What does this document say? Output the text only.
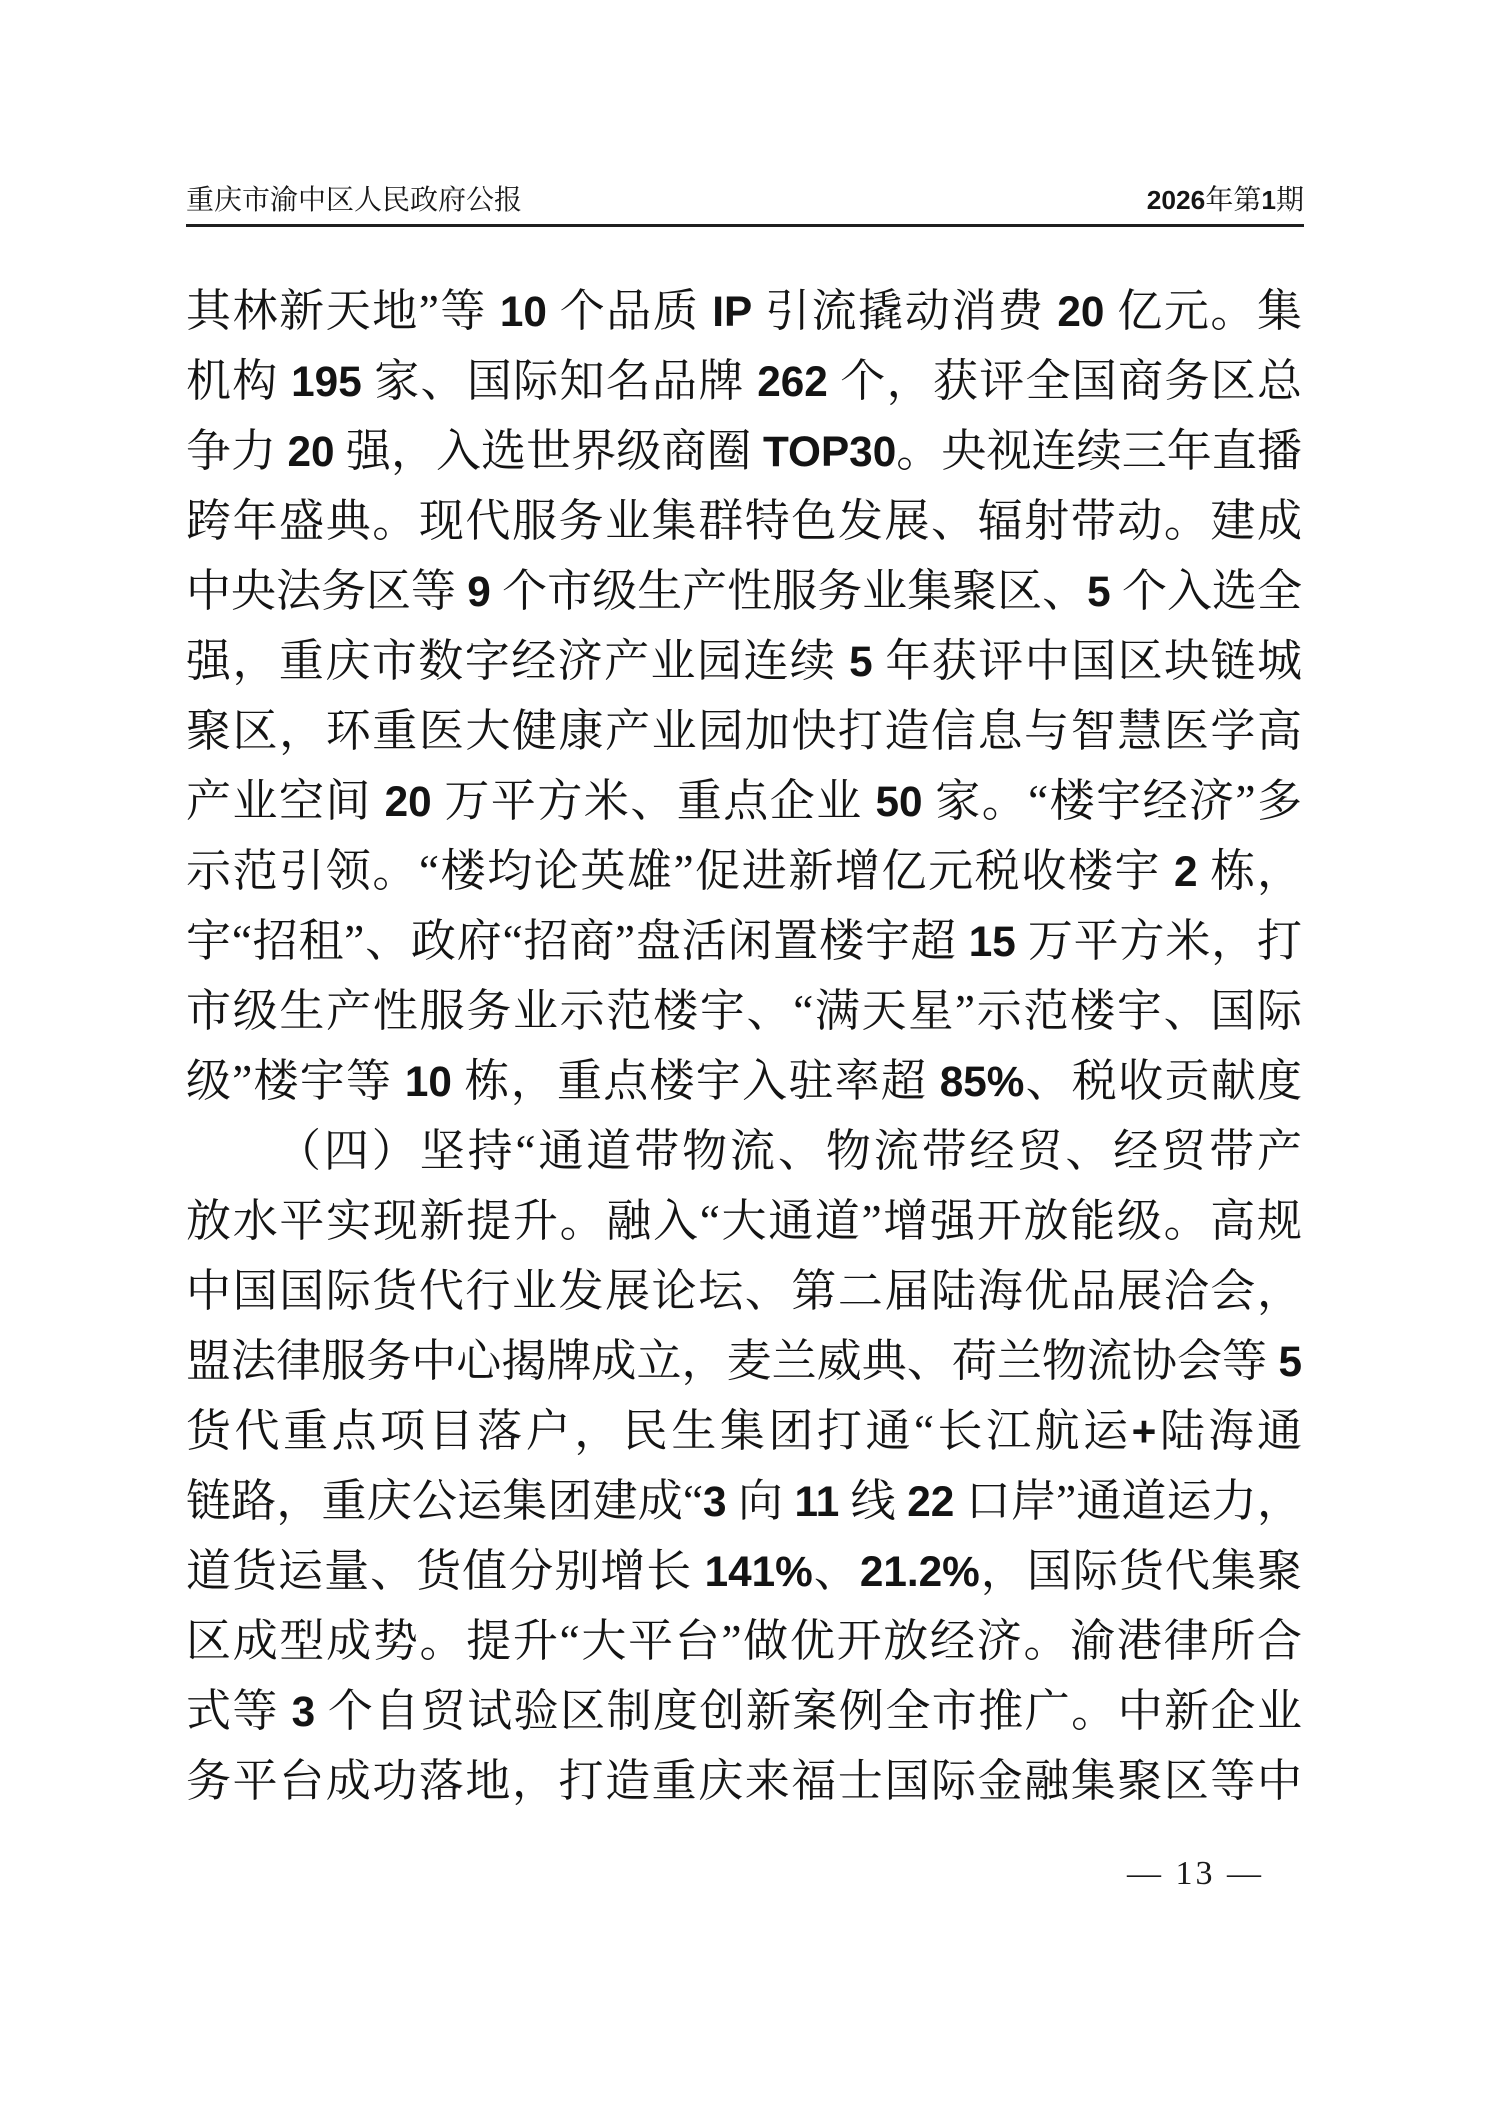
重庆市渝中区人民政府公报	2026年第1期
其林新天地”等 10 个品质 IP 引流撬动消费 20 亿元。集
机构 195 家、国际知名品牌 262 个，获评全国商务区总
争力 20 强，入选世界级商圈 TOP30。央视连续三年直播
跨年盛典。现代服务业集群特色发展、辐射带动。建成
中央法务区等 9 个市级生产性服务业集聚区、5 个入选全
强，重庆市数字经济产业园连续 5 年获评中国区块链城
聚区，环重医大健康产业园加快打造信息与智慧医学高
产业空间 20 万平方米、重点企业 50 家。“楼宇经济”多
示范引领。“楼均论英雄”促进新增亿元税收楼宇 2 栋，
宇“招租”、政府“招商”盘活闲置楼宇超 15 万平方米，打
市级生产性服务业示范楼宇、“满天星”示范楼宇、国际
级”楼宇等 10 栋，重点楼宇入驻率超 85%、税收贡献度
（四）坚持“通道带物流、物流带经贸、经贸带产
放水平实现新提升。融入“大通道”增强开放能级。高规
中国国际货代行业发展论坛、第二届陆海优品展洽会，
盟法律服务中心揭牌成立，麦兰威典、荷兰物流协会等 5
货代重点项目落户，民生集团打通“长江航运+陆海通
链路，重庆公运集团建成“3 向 11 线 22 口岸”通道运力，
道货运量、货值分别增长 141%、21.2%，国际货代集聚
区成型成势。提升“大平台”做优开放经济。渝港律所合
式等 3 个自贸试验区制度创新案例全市推广。中新企业
务平台成功落地，打造重庆来福士国际金融集聚区等中
— 13 —
